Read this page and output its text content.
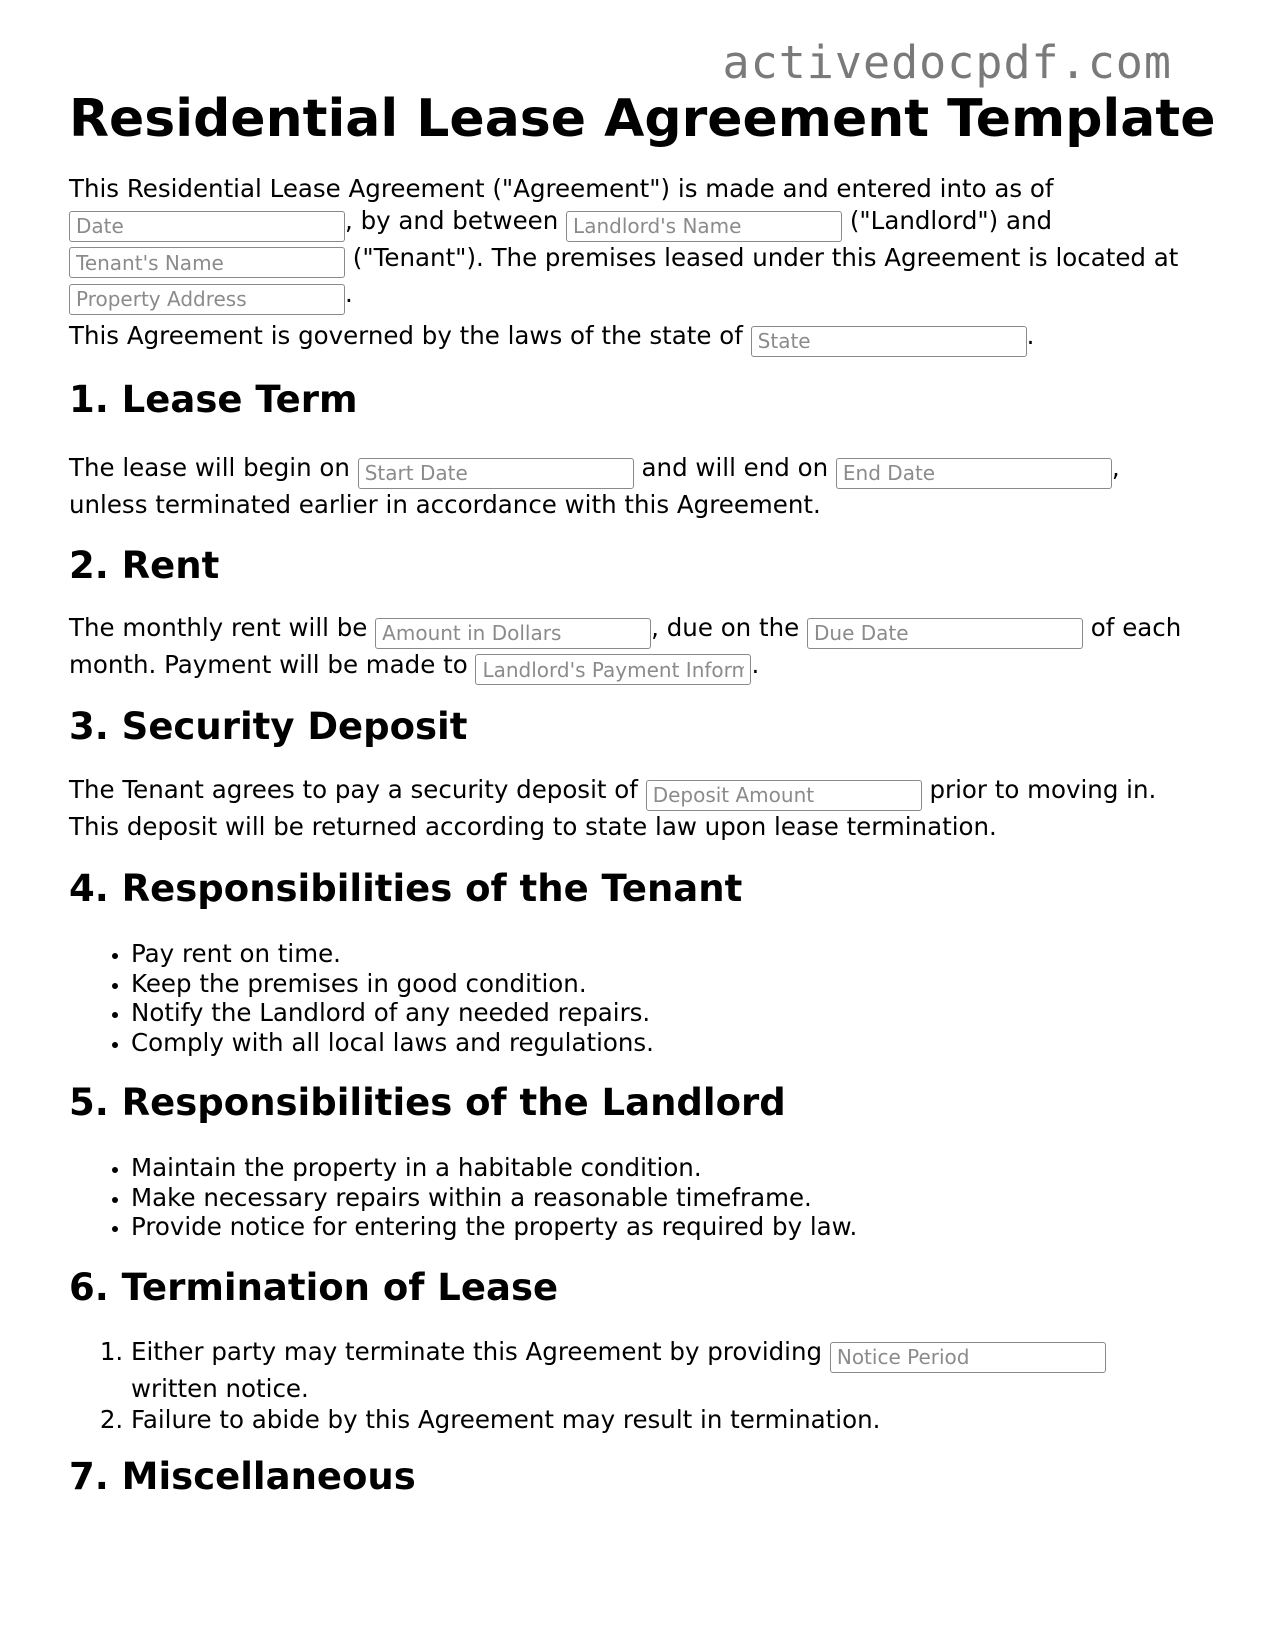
activedocpdf.com
Residential Lease Agreement Template
This Residential Lease Agreement ("Agreement") is made and entered into as of
Date, by and between Landlord's Name	("Landlord") and
Tenant's Name ("Tenant"). The premises leased under this Agreement is located at
Property Address.
This Agreement is governed by the laws of the state of State	.
1. Lease Term
The lease will begin on Start Date	and will end on End Date	,
unless terminated earlier in accordance with this Agreement.
2. Rent
The monthly rent will be Amount in Dollars	, due on the Due Date	of each
month. Payment will be made to Landlord's Payment Information	.
3. Security Deposit
The Tenant agrees to pay a security deposit of Deposit Amount	prior to moving in.
This deposit will be returned according to state law upon lease termination.
4. Responsibilities of the Tenant
• Pay rent on time.
• Keep the premises in good condition.
• Notify the Landlord of any needed repairs.
• Comply with all local laws and regulations.
5. Responsibilities of the Landlord
• Maintain the property in a habitable condition.
• Make necessary repairs within a reasonable timeframe.
• Provide notice for entering the property as required by law.
6. Termination of Lease
1. Either party may terminate this Agreement by providing Notice Period
written notice.
2. Failure to abide by this Agreement may result in termination.
7. Miscellaneous
